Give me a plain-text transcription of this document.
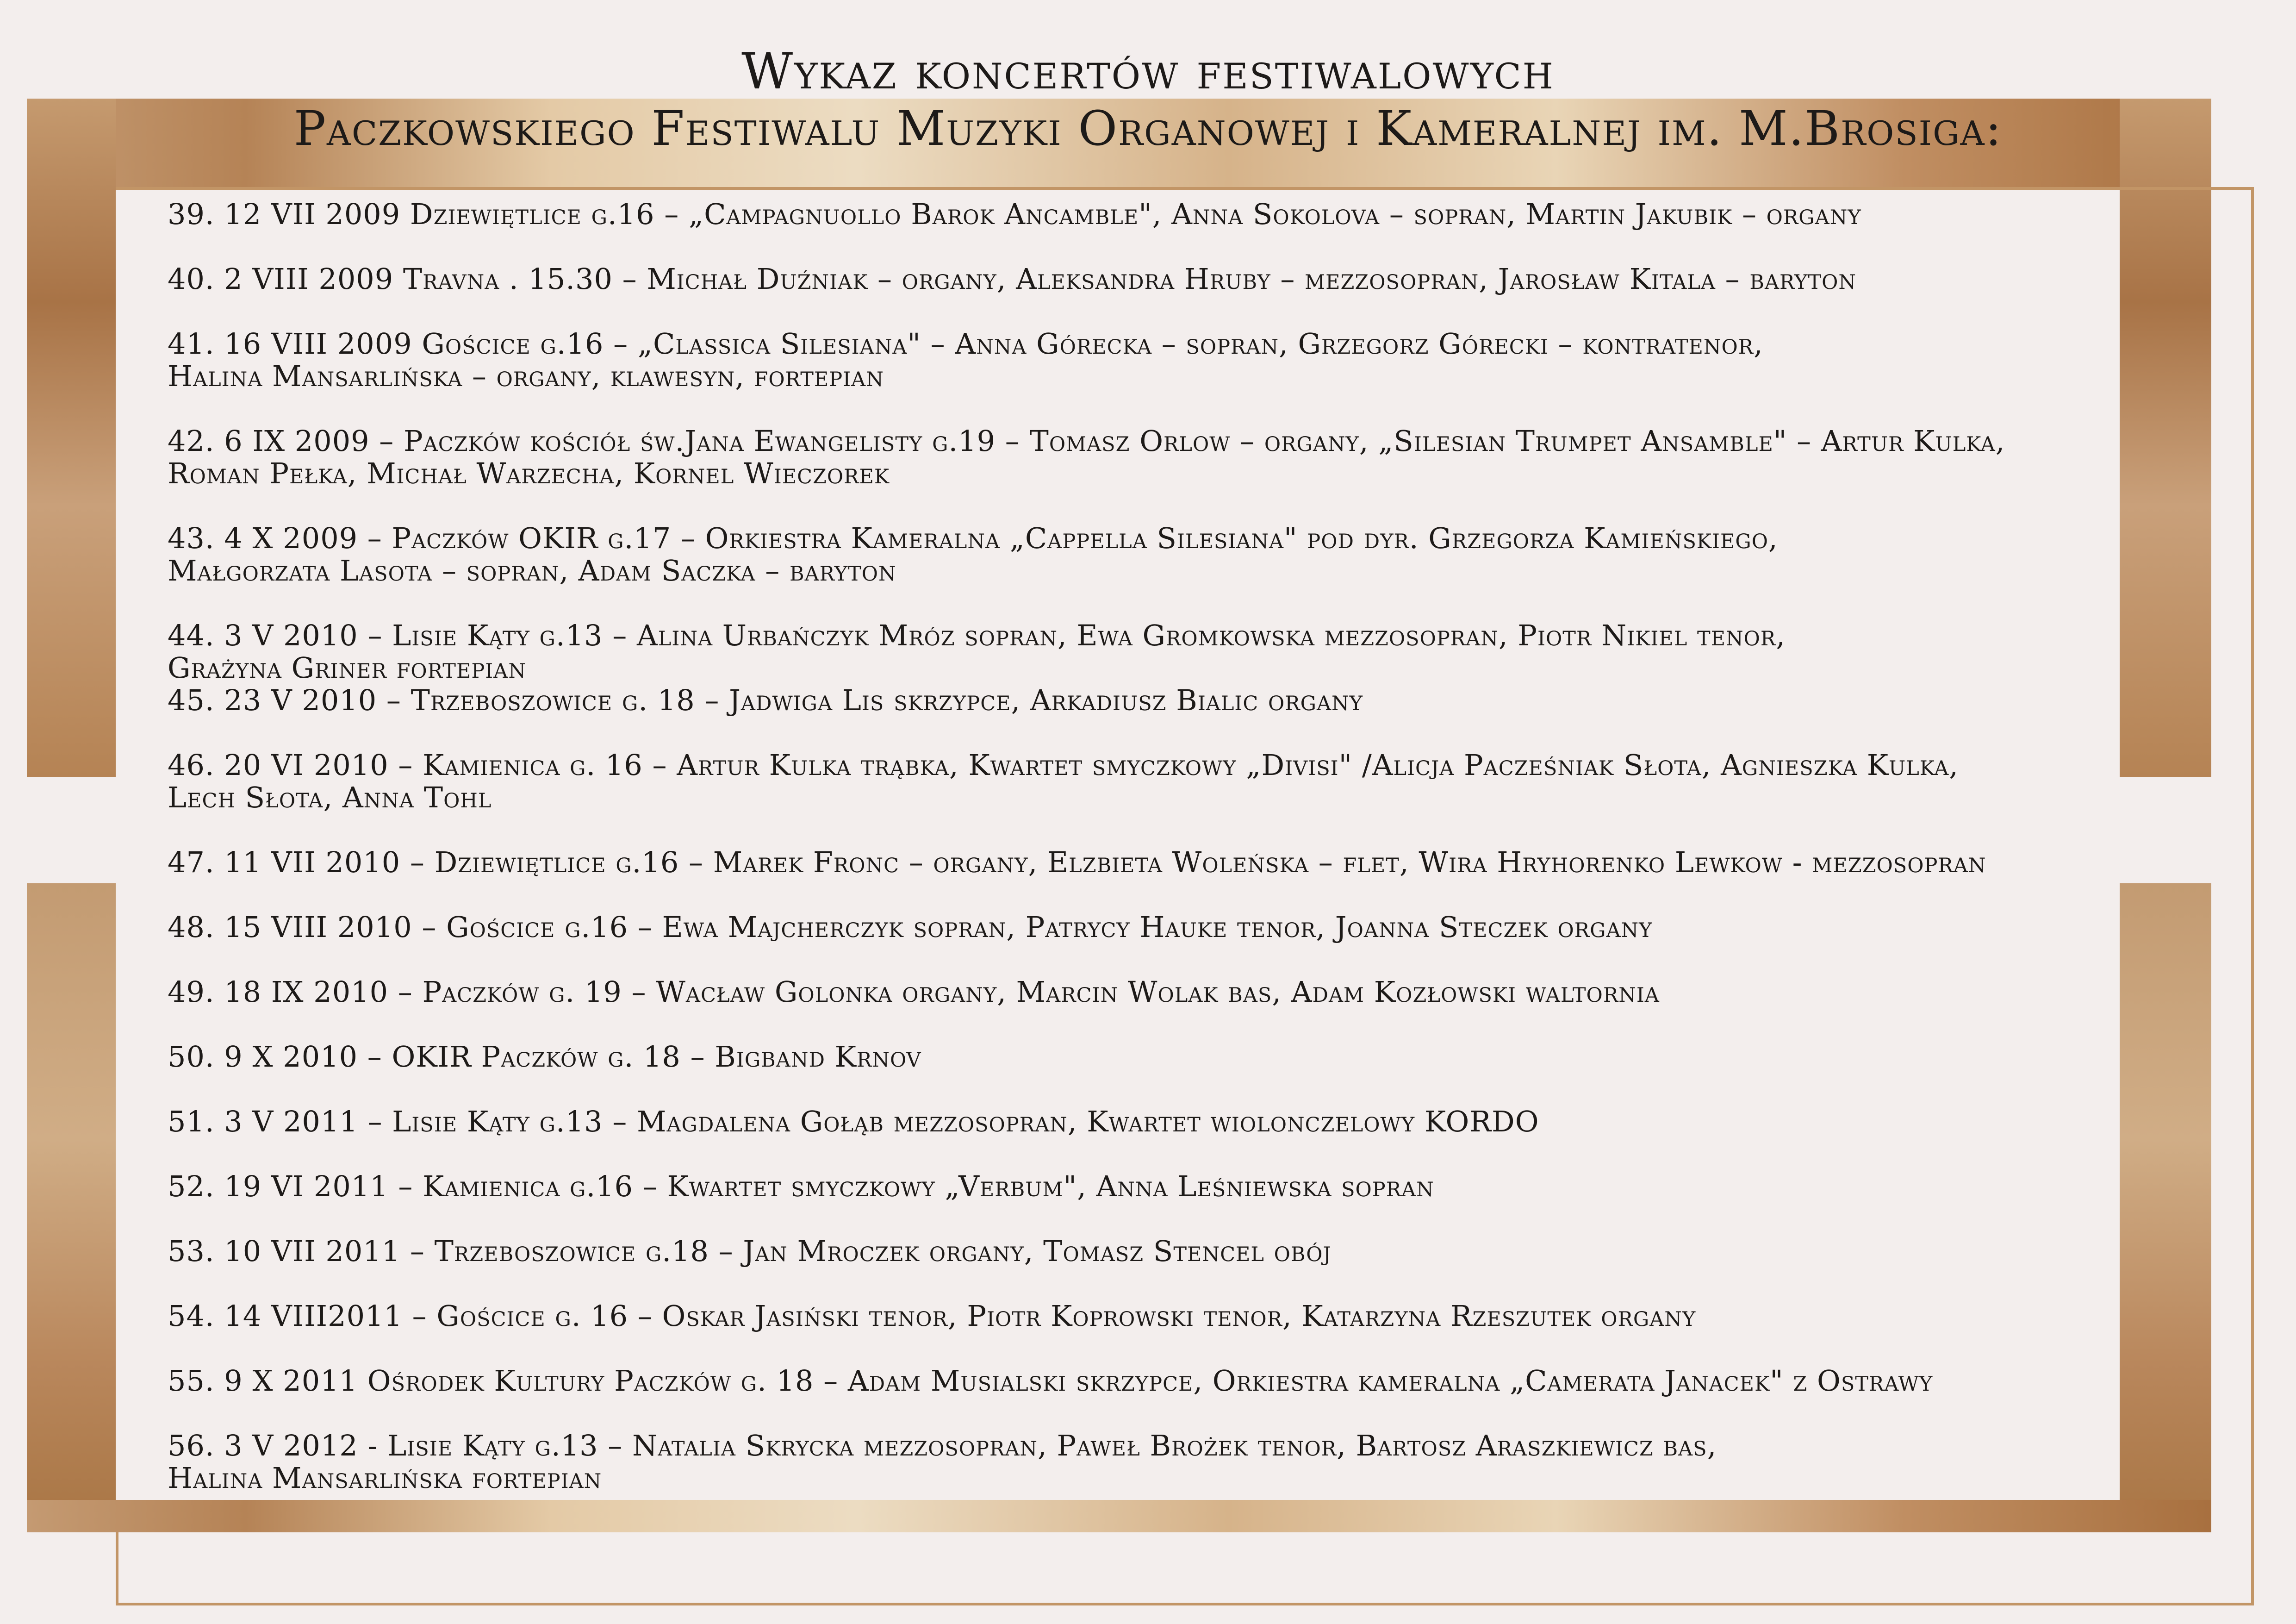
Wykaz koncertów festiwalowych
Paczkowskiego Festiwalu Muzyki Organowej i Kameralnej im. M.Brosiga:
39. 12 VII 2009 Dziewiętlice g.16 – „Campagnuollo Barok Ancamble", Anna Sokolova – sopran, Martin Jakubik – organy
40. 2 VIII 2009 Travna . 15.30 – Michał Duźniak – organy, Aleksandra Hruby – mezzosopran, Jarosław Kitala – baryton
41. 16 VIII 2009 Gościce g.16 – „Classica Silesiana" – Anna Górecka – sopran, Grzegorz Górecki – kontratenor,
Halina Mansarlińska – organy, klawesyn, fortepian
42. 6 IX 2009 – Paczków kościół św.Jana Ewangelisty g.19 – Tomasz Orlow – organy, „Silesian Trumpet Ansamble" – Artur Kulka,
Roman Pełka, Michał Warzecha, Kornel Wieczorek
43. 4 X 2009 – Paczków OKIR g.17 – Orkiestra Kameralna „Cappella Silesiana" pod dyr. Grzegorza Kamieńskiego,
Małgorzata Lasota – sopran, Adam Saczka – baryton
44. 3 V 2010 – Lisie Kąty g.13 – Alina Urbańczyk Mróz sopran, Ewa Gromkowska mezzosopran, Piotr Nikiel tenor,
Grażyna Griner fortepian
45. 23 V 2010 – Trzeboszowice g. 18 – Jadwiga Lis skrzypce, Arkadiusz Bialic organy
46. 20 VI 2010 – Kamienica g. 16 – Artur Kulka trąbka, Kwartet smyczkowy „Divisi" /Alicja Pacześniak Słota, Agnieszka Kulka,
Lech Słota, Anna Tohl
47. 11 VII 2010 – Dziewiętlice g.16 – Marek Fronc – organy, Elzbieta Woleńska – flet, Wira Hryhorenko Lewkow - mezzosopran
48. 15 VIII 2010 – Gościce g.16 – Ewa Majcherczyk sopran, Patrycy Hauke tenor, Joanna Steczek organy
49. 18 IX 2010 – Paczków g. 19 – Wacław Golonka organy, Marcin Wolak bas, Adam Kozłowski waltornia
50. 9 X 2010 – OKIR Paczków g. 18 – Bigband Krnov
51. 3 V 2011 – Lisie Kąty g.13 – Magdalena Gołąb mezzosopran, Kwartet wiolonczelowy KORDO
52. 19 VI 2011 – Kamienica g.16 – Kwartet smyczkowy „Verbum", Anna Leśniewska sopran
53. 10 VII 2011 – Trzeboszowice g.18 – Jan Mroczek organy, Tomasz Stencel obój
54. 14 VIII2011 – Gościce g. 16 – Oskar Jasiński tenor, Piotr Koprowski tenor, Katarzyna Rzeszutek organy
55. 9 X 2011 Ośrodek Kultury Paczków g. 18 – Adam Musialski skrzypce, Orkiestra kameralna „Camerata Janacek" z Ostrawy
56. 3 V 2012 - Lisie Kąty g.13 – Natalia Skrycka mezzosopran, Paweł Brożek tenor, Bartosz Araszkiewicz bas,
Halina Mansarlińska fortepian
